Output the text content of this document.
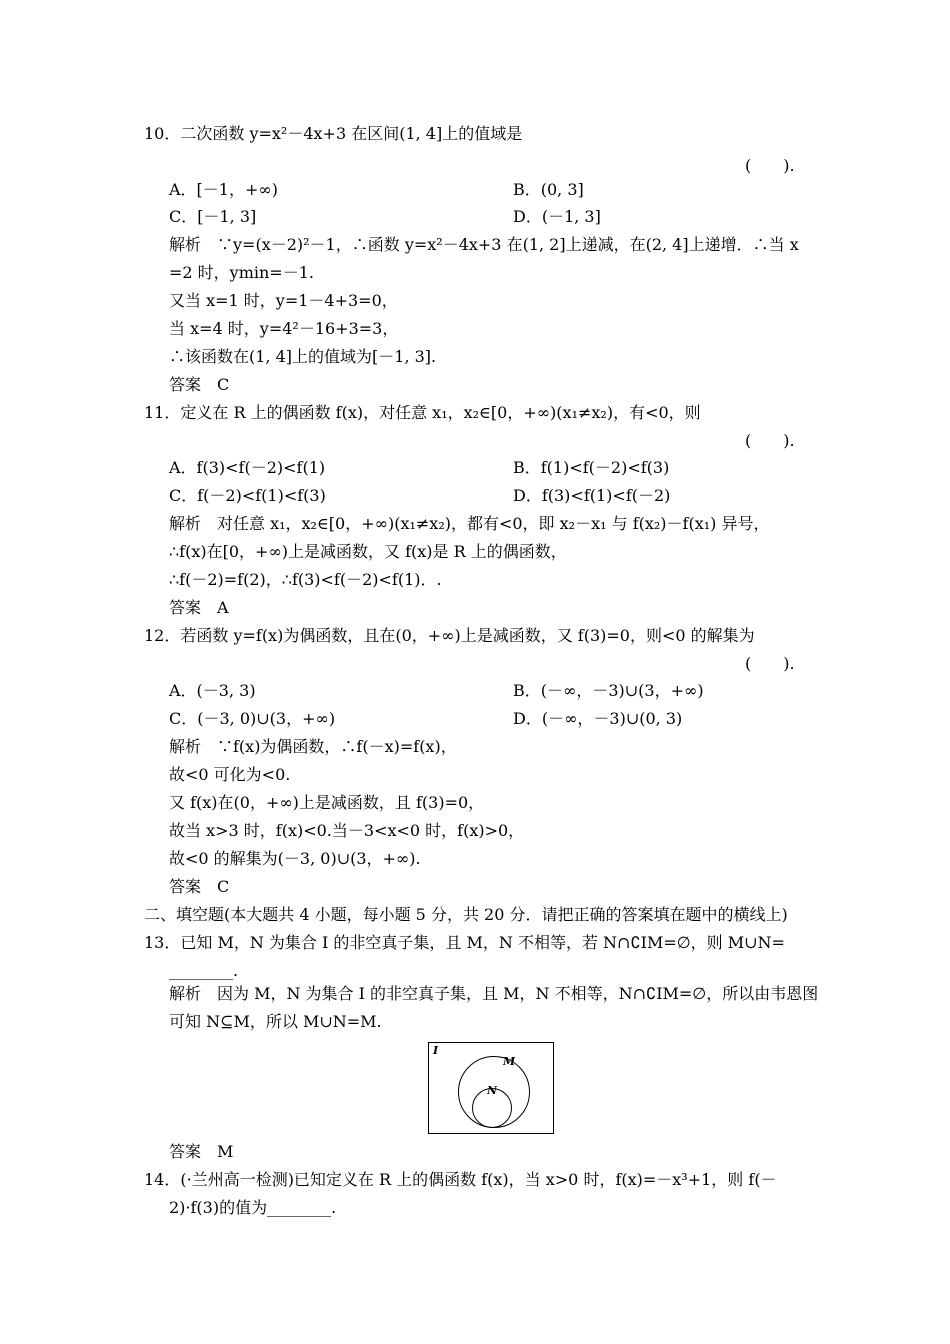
10．二次函数 y=x²－4x+3 在区间(1, 4]上的值域是
(　　).
A．[－1，+∞)	B．(0, 3]
C．[－1, 3]	D．(－1, 3]
解析　∵y=(x－2)²－1，∴函数 y=x²－4x+3 在(1, 2]上递减，在(2, 4]上递增．∴当 x
=2 时，ymin=－1.
又当 x=1 时，y=1－4+3=0，
当 x=4 时，y=4²－16+3=3，
∴该函数在(1, 4]上的值域为[－1, 3].
答案　C
11．定义在 R 上的偶函数 f(x)，对任意 x₁，x₂∈[0，+∞)(x₁≠x₂)，有<0，则
(　　).
A．f(3)<f(－2)<f(1)	B．f(1)<f(－2)<f(3)
C．f(－2)<f(1)<f(3)	D．f(3)<f(1)<f(－2)
解析　对任意 x₁，x₂∈[0，+∞)(x₁≠x₂)，都有<0，即 x₂－x₁ 与 f(x₂)－f(x₁) 异号，
∴f(x)在[0，+∞)上是减函数，又 f(x)是 R 上的偶函数，
∴f(－2)=f(2)，∴f(3)<f(－2)<f(1)．.
答案　A
12．若函数 y=f(x)为偶函数，且在(0，+∞)上是减函数，又 f(3)=0，则<0 的解集为
(　　).
A．(－3, 3)	B．(－∞，－3)∪(3，+∞)
C．(－3, 0)∪(3，+∞)	D．(－∞，－3)∪(0, 3)
解析　∵f(x)为偶函数，∴f(－x)=f(x)，
故<0 可化为<0.
又 f(x)在(0，+∞)上是减函数，且 f(3)=0，
故当 x>3 时，f(x)<0.当－3<x<0 时，f(x)>0，
故<0 的解集为(－3, 0)∪(3，+∞).
答案　C
二、填空题(本大题共 4 小题，每小题 5 分，共 20 分．请把正确的答案填在题中的横线上)
13．已知 M，N 为集合 I 的非空真子集，且 M，N 不相等，若 N∩∁IM=∅，则 M∪N=
________.
解析　因为 M，N 为集合 I 的非空真子集，且 M，N 不相等，N∩∁IM=∅，所以由韦恩图
可知 N⊆M，所以 M∪N=M.
I
M
N
答案　M
14．(·兰州高一检测)已知定义在 R 上的偶函数 f(x)，当 x>0 时，f(x)=－x³+1，则 f(－
2)·f(3)的值为________.
